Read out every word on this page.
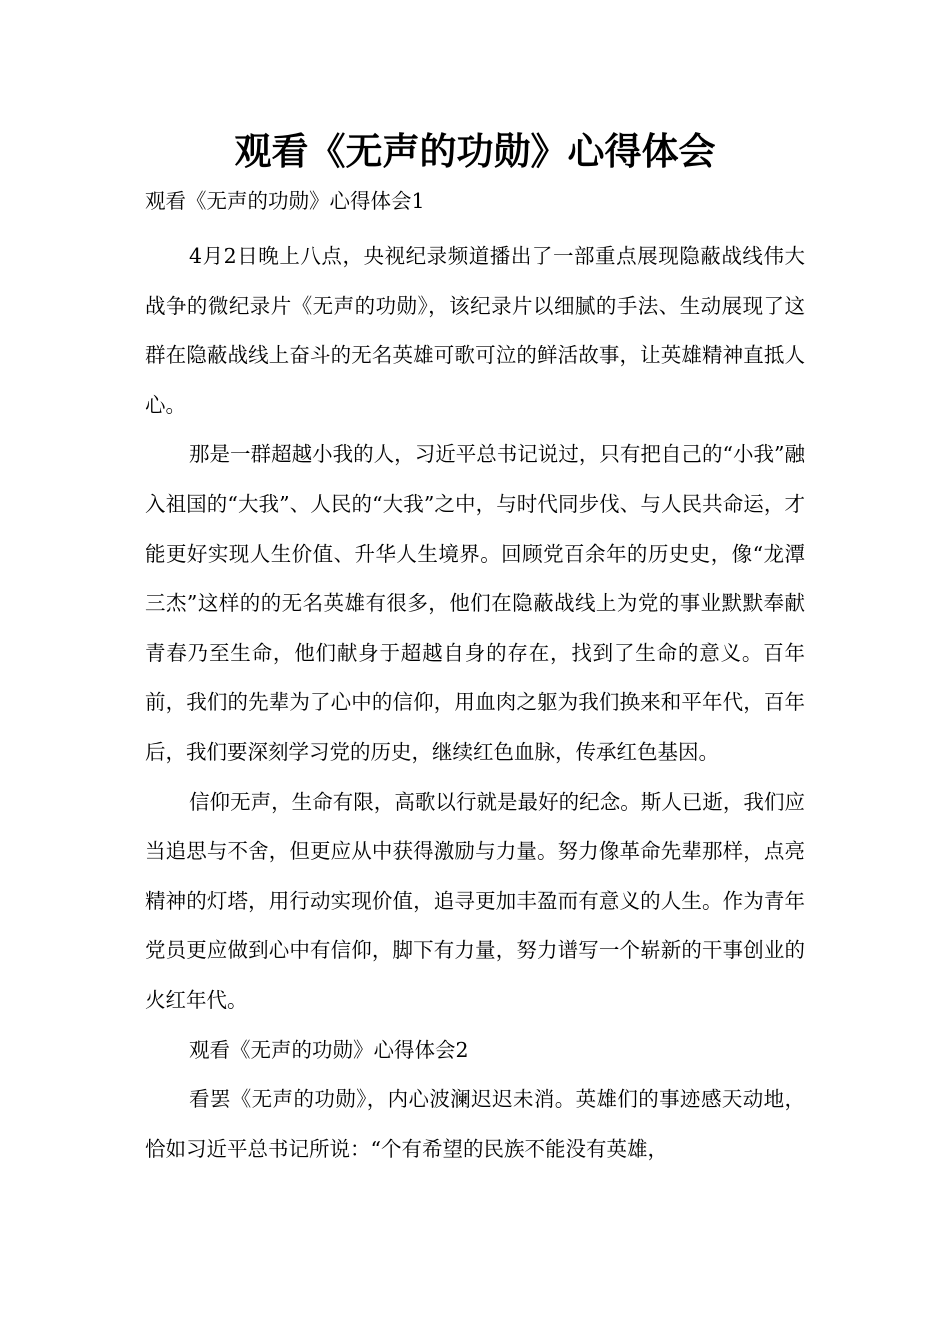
观看《无声的功勋》心得体会

观看《无声的功勋》心得体会1

4月2日晚上八点，央视纪录频道播出了一部重点展现隐蔽战线伟大战争的微纪录片《无声的功勋》，该纪录片以细腻的手法、生动展现了这群在隐蔽战线上奋斗的无名英雄可歌可泣的鲜活故事，让英雄精神直抵人心。

那是一群超越小我的人，习近平总书记说过，只有把自己的“小我”融入祖国的“大我”、人民的“大我”之中，与时代同步伐、与人民共命运，才能更好实现人生价值、升华人生境界。回顾党百余年的历史史，像“龙潭三杰”这样的的无名英雄有很多，他们在隐蔽战线上为党的事业默默奉献青春乃至生命，他们献身于超越自身的存在，找到了生命的意义。百年前，我们的先辈为了心中的信仰，用血肉之躯为我们换来和平年代，百年后，我们要深刻学习党的历史，继续红色血脉，传承红色基因。

信仰无声，生命有限，高歌以行就是最好的纪念。斯人已逝，我们应当追思与不舍，但更应从中获得激励与力量。努力像革命先辈那样，点亮精神的灯塔，用行动实现价值，追寻更加丰盈而有意义的人生。作为青年党员更应做到心中有信仰，脚下有力量，努力谱写一个崭新的干事创业的火红年代。

观看《无声的功勋》心得体会2

看罢《无声的功勋》，内心波澜迟迟未消。英雄们的事迹感天动地，恰如习近平总书记所说：“个有希望的民族不能没有英雄，
